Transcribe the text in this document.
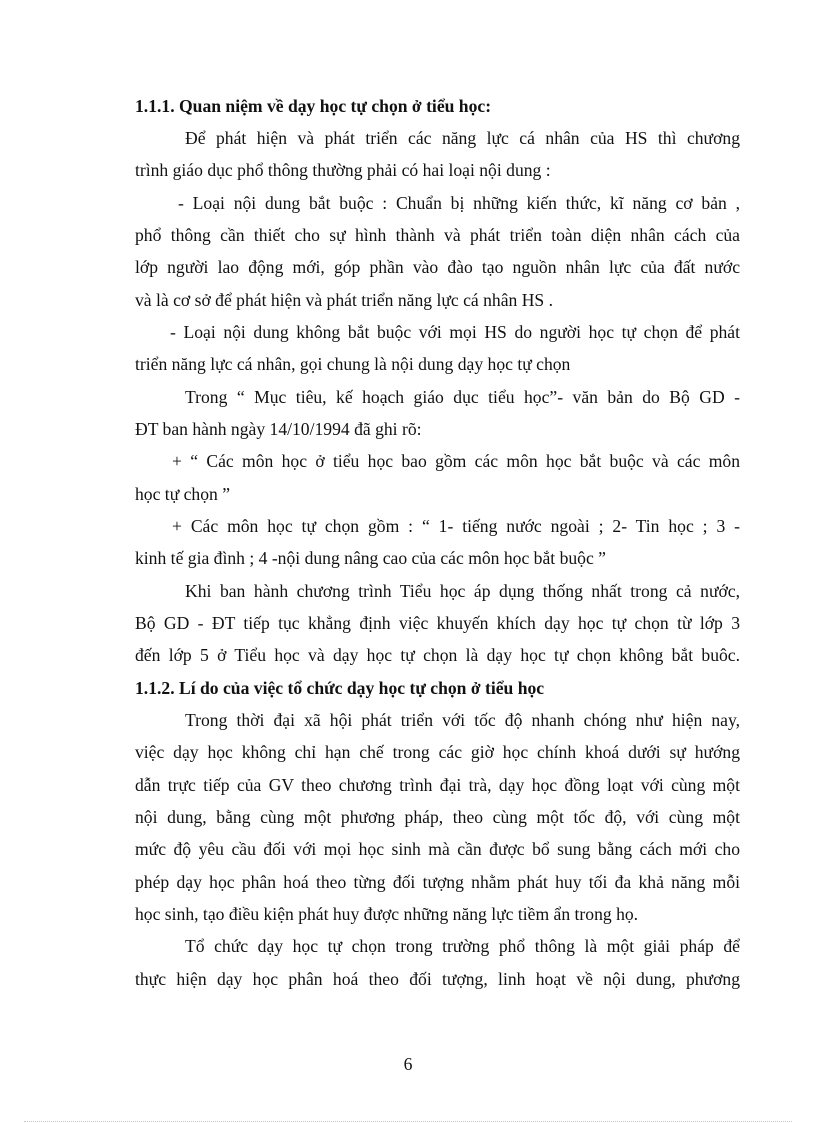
1.1.1. Quan niệm về dạy học tự chọn ở tiểu học:
Để phát hiện và phát triển các năng lực cá nhân của HS thì chương
trình giáo dục phổ thông thường phải có hai loại nội dung :
- Loại nội dung bắt buộc : Chuẩn bị những kiến thức, kĩ năng cơ bản ,
phổ thông cần thiết cho sự hình thành và phát triển toàn diện nhân cách của
lớp người lao động mới, góp phần vào đào tạo nguồn nhân lực của đất nước
và là cơ sở để phát hiện và phát triển năng lực cá nhân HS .
- Loại nội dung không bắt buộc với mọi HS do người học tự chọn để phát
triển năng lực cá nhân, gọi chung là nội dung dạy học tự chọn
Trong “ Mục tiêu, kế hoạch giáo dục tiểu học”- văn bản do Bộ GD -
ĐT ban hành ngày 14/10/1994 đã ghi rõ:
+ “ Các môn học ở tiểu học bao gồm các môn học bắt buộc và các môn
học tự chọn ”
+ Các môn học tự chọn gồm : “ 1- tiếng nước ngoài ; 2- Tin học ; 3 -
kinh tế gia đình ; 4 -nội dung nâng cao của các môn học bắt buộc ”
Khi ban hành chương trình Tiểu học áp dụng thống nhất trong cả nước,
Bộ GD - ĐT tiếp tục khẳng định việc khuyến khích dạy học tự chọn từ lớp 3
đến lớp 5 ở Tiểu học và dạy học tự chọn là dạy học tự chọn không bắt buôc.
1.1.2. Lí do của việc tổ chức dạy học tự chọn ở tiểu học
Trong thời đại xã hội phát triển với tốc độ nhanh chóng như hiện nay,
việc dạy học không chỉ hạn chế trong các giờ học chính khoá dưới sự hướng
dẫn trực tiếp của GV theo chương trình đại trà, dạy học đồng loạt với cùng một
nội dung, bằng cùng một phương pháp, theo cùng một tốc độ, với cùng một
mức độ yêu cầu đối với mọi học sinh mà cần được bổ sung bằng cách mới cho
phép dạy học phân hoá theo từng đối tượng nhằm phát huy tối đa khả năng mỗi
học sinh, tạo điều kiện phát huy được những năng lực tiềm ẩn trong họ.
Tổ chức dạy học tự chọn trong trường phổ thông là một giải pháp để
thực hiện dạy học phân hoá theo đối tượng, linh hoạt về nội dung, phương
6
